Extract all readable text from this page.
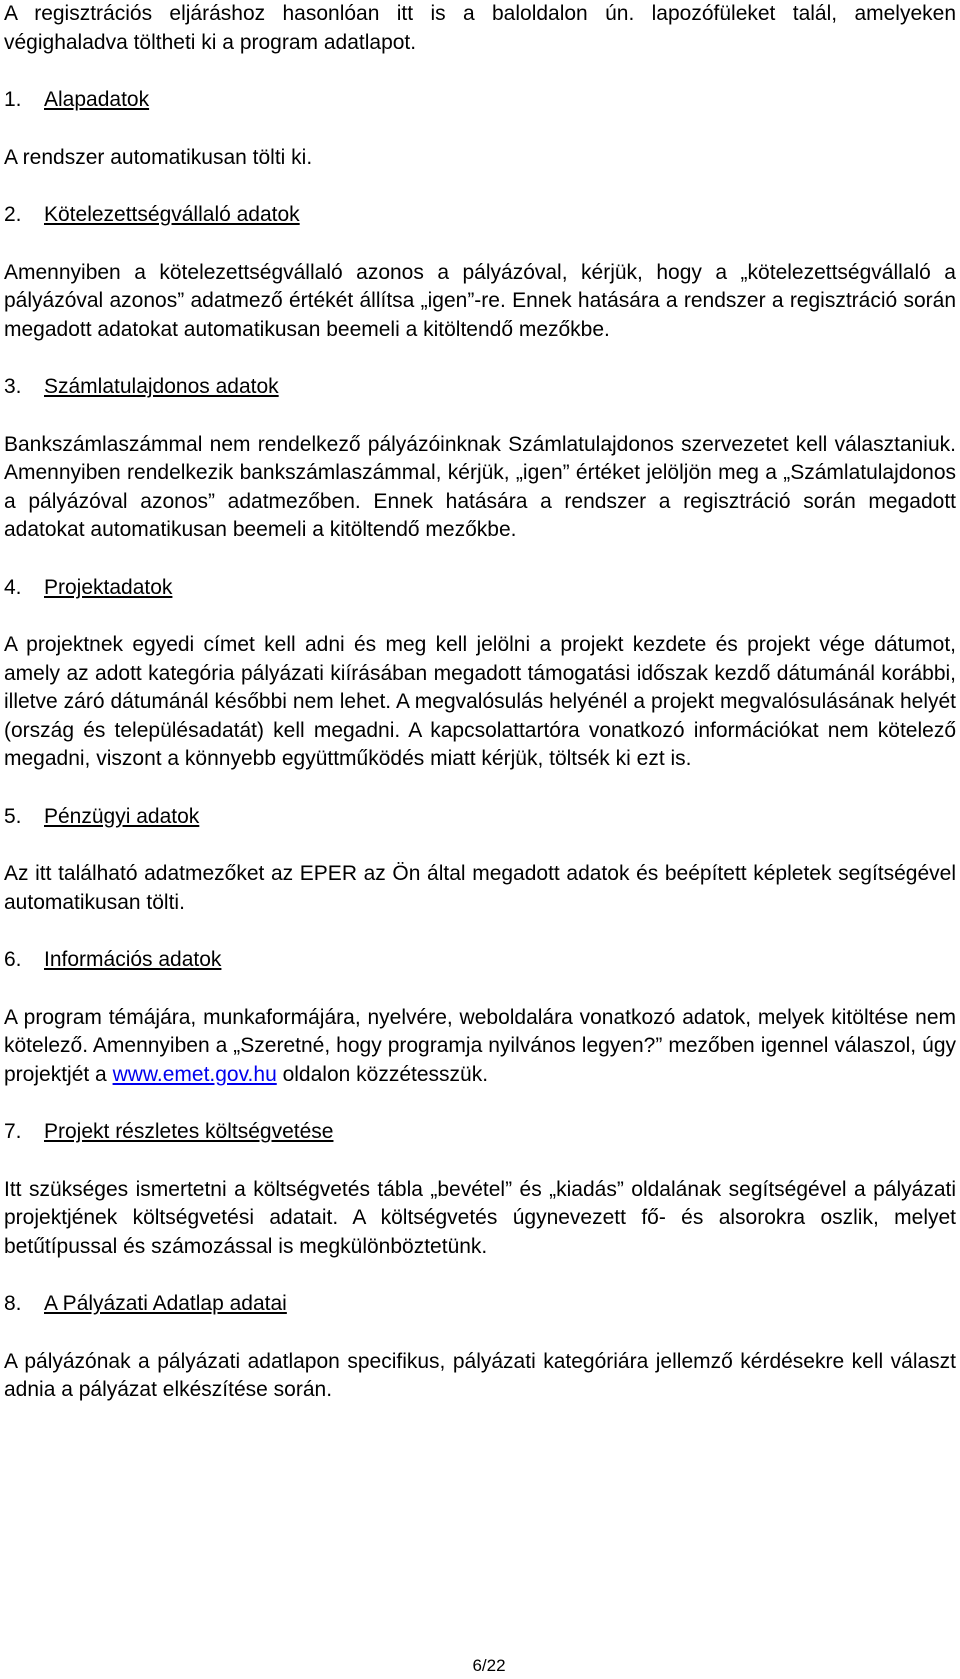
A regisztrációs eljáráshoz hasonlóan itt is a baloldalon ún. lapozófüleket talál, amelyeken végighaladva töltheti ki a program adatlapot.

1. Alapadatok

A rendszer automatikusan tölti ki.

2. Kötelezettségvállaló adatok

Amennyiben a kötelezettségvállaló azonos a pályázóval, kérjük, hogy a „kötelezettségvállaló a pályázóval azonos” adatmező értékét állítsa „igen”-re. Ennek hatására a rendszer a regisztráció során megadott adatokat automatikusan beemeli a kitöltendő mezőkbe.

3. Számlatulajdonos adatok

Bankszámlaszámmal nem rendelkező pályázóinknak Számlatulajdonos szervezetet kell választaniuk. Amennyiben rendelkezik bankszámlaszámmal, kérjük, „igen” értéket jelöljön meg a „Számlatulajdonos a pályázóval azonos” adatmezőben. Ennek hatására a rendszer a regisztráció során megadott adatokat automatikusan beemeli a kitöltendő mezőkbe.

4. Projektadatok

A projektnek egyedi címet kell adni és meg kell jelölni a projekt kezdete és projekt vége dátumot, amely az adott kategória pályázati kiírásában megadott támogatási időszak kezdő dátumánál korábbi, illetve záró dátumánál későbbi nem lehet. A megvalósulás helyénél a projekt megvalósulásának helyét (ország és településadatát) kell megadni. A kapcsolattartóra vonatkozó információkat nem kötelező megadni, viszont a könnyebb együttműködés miatt kérjük, töltsék ki ezt is.

5. Pénzügyi adatok

Az itt található adatmezőket az EPER az Ön által megadott adatok és beépített képletek segítségével automatikusan tölti.

6. Információs adatok

A program témájára, munkaformájára, nyelvére, weboldalára vonatkozó adatok, melyek kitöltése nem kötelező. Amennyiben a „Szeretné, hogy programja nyilvános legyen?” mezőben igennel válaszol, úgy projektjét a www.emet.gov.hu oldalon közzétesszük.

7. Projekt részletes költségvetése

Itt szükséges ismertetni a költségvetés tábla „bevétel” és „kiadás” oldalának segítségével a pályázati projektjének költségvetési adatait. A költségvetés úgynevezett fő- és alsorokra oszlik, melyet betűtípussal és számozással is megkülönböztetünk.

8. A Pályázati Adatlap adatai

A pályázónak a pályázati adatlapon specifikus, pályázati kategóriára jellemző kérdésekre kell választ adnia a pályázat elkészítése során.

6/22
